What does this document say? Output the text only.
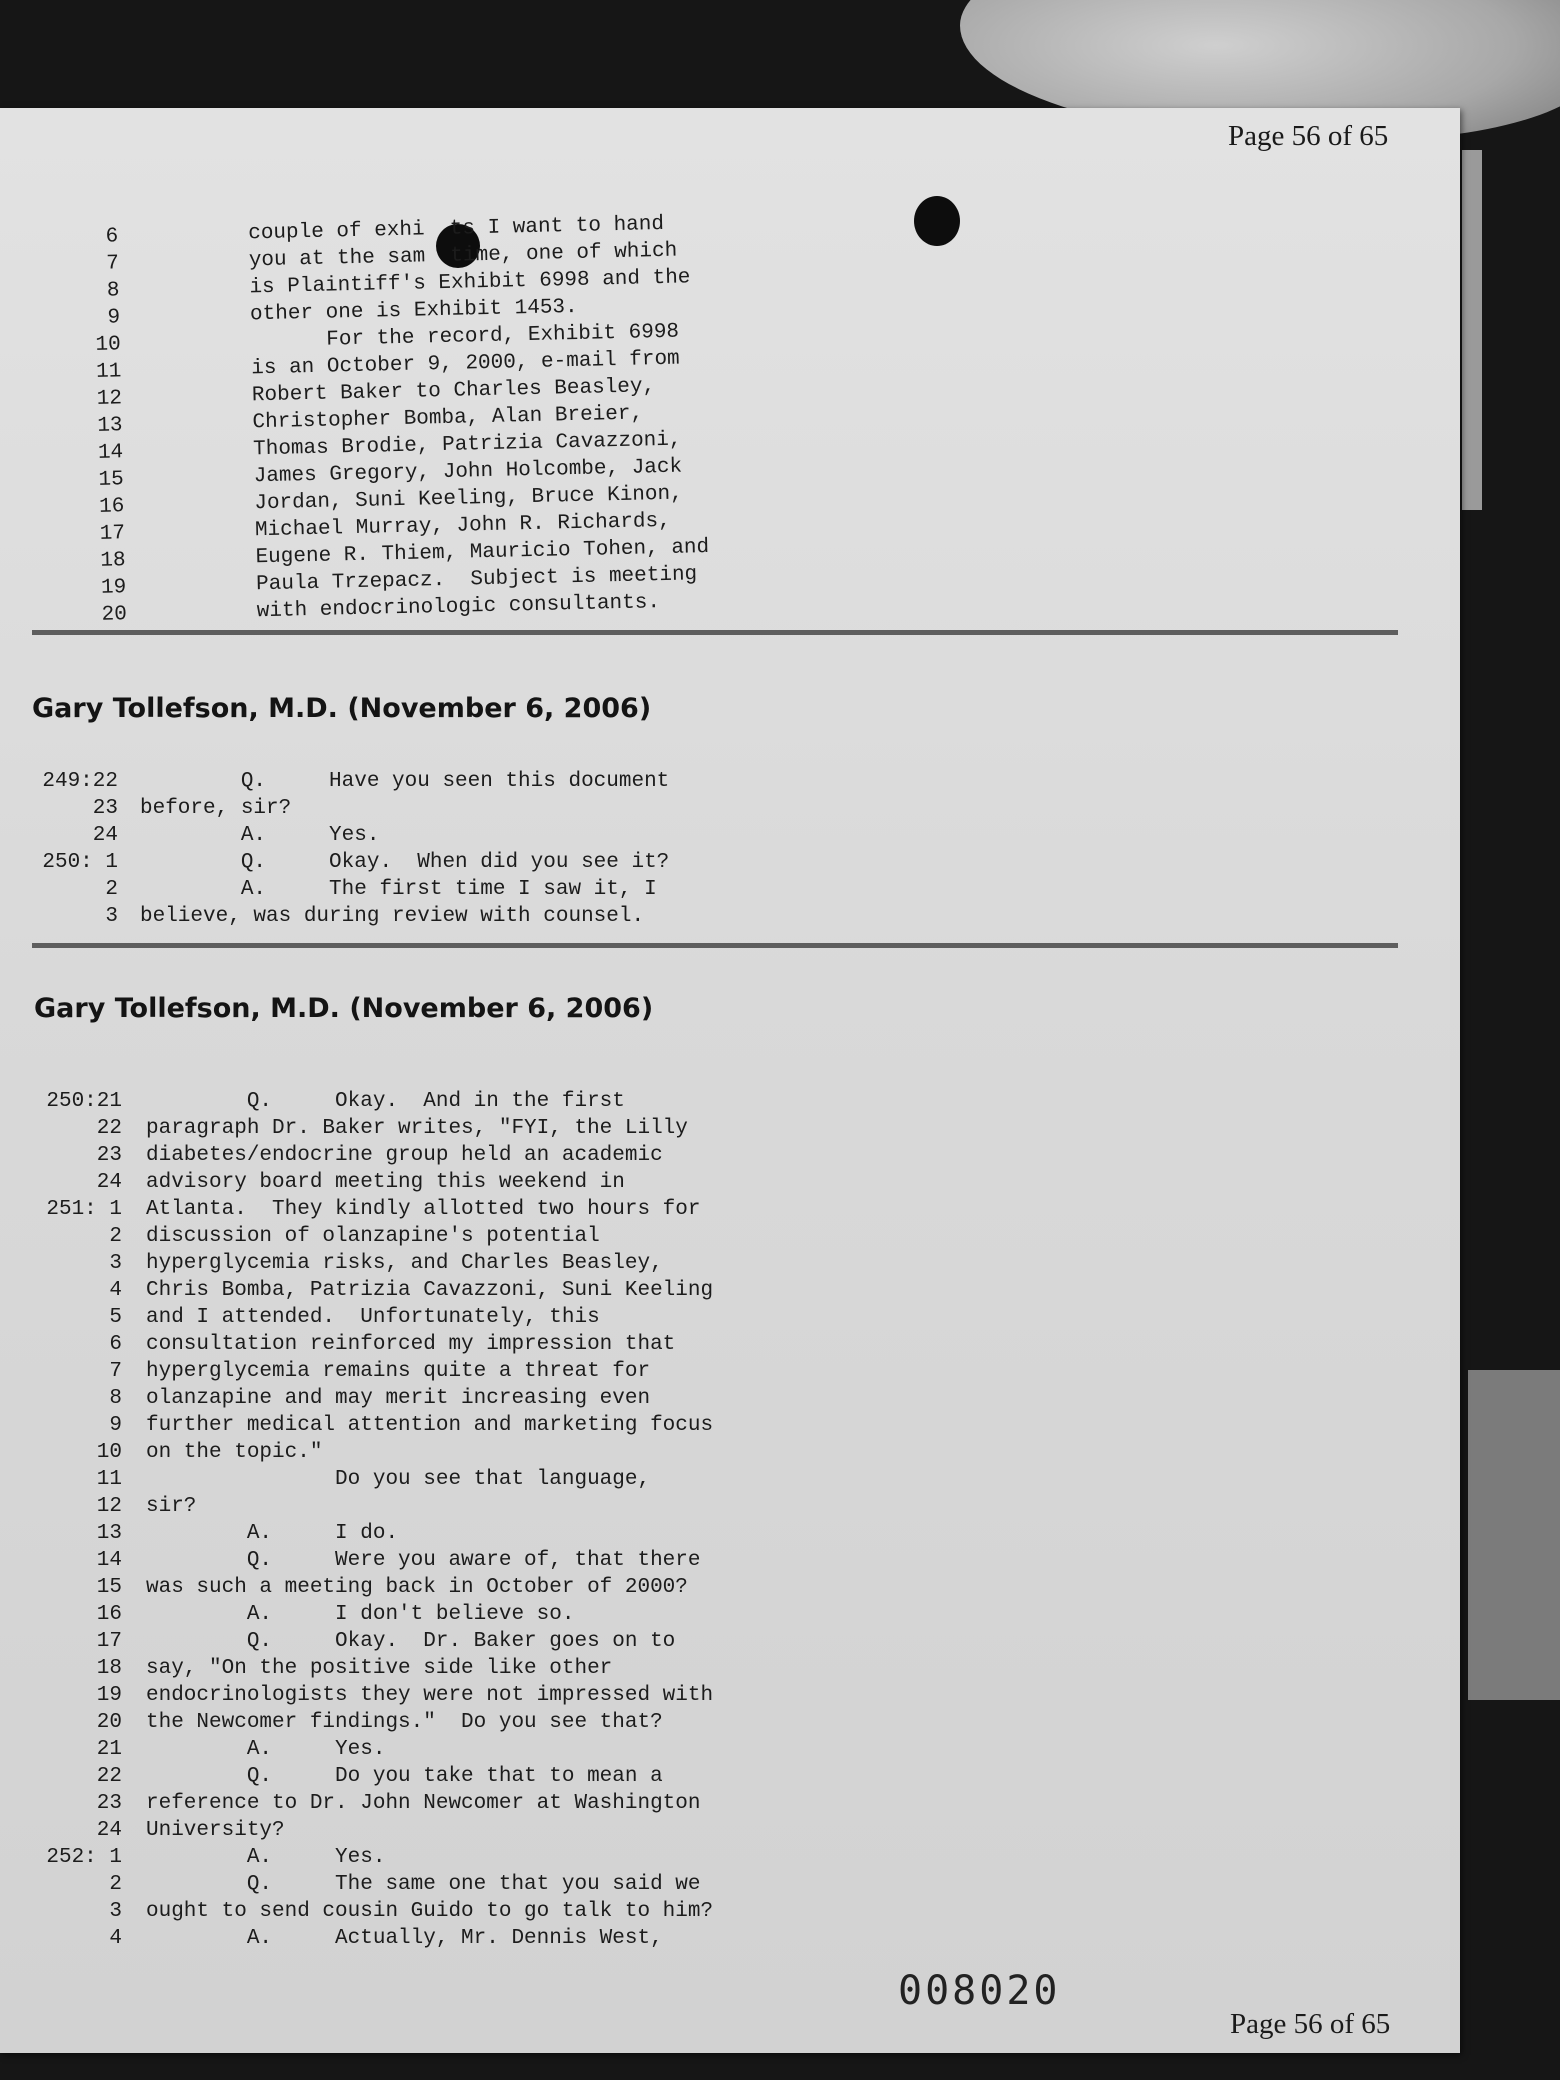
Page 56 of 65
6	couple of exhi  ts I want to hand
7	you at the sam  time, one of which
8	is Plaintiff's Exhibit 6998 and the
9	other one is Exhibit 1453.
10	For the record, Exhibit 6998
11	is an October 9, 2000, e-mail from
12	Robert Baker to Charles Beasley,
13	Christopher Bomba, Alan Breier,
14	Thomas Brodie, Patrizia Cavazzoni,
15	James Gregory, John Holcombe, Jack
16	Jordan, Suni Keeling, Bruce Kinon,
17	Michael Murray, John R. Richards,
18	Eugene R. Thiem, Mauricio Tohen, and
19	Paula Trzepacz.  Subject is meeting
20	with endocrinologic consultants.
Gary Tollefson, M.D. (November 6, 2006)
249:22 Q.     Have you seen this document
23 before, sir?
24 A.     Yes.
250: 1 Q.     Okay.  When did you see it?
2 A.     The first time I saw it, I
3 believe, was during review with counsel.
Gary Tollefson, M.D. (November 6, 2006)
250:21 Q.     Okay.  And in the first
22 paragraph Dr. Baker writes, "FYI, the Lilly
23 diabetes/endocrine group held an academic
24 advisory board meeting this weekend in
251: 1 Atlanta.  They kindly allotted two hours for
2 discussion of olanzapine's potential
3 hyperglycemia risks, and Charles Beasley,
4 Chris Bomba, Patrizia Cavazzoni, Suni Keeling
5 and I attended.  Unfortunately, this
6 consultation reinforced my impression that
7 hyperglycemia remains quite a threat for
8 olanzapine and may merit increasing even
9 further medical attention and marketing focus
10 on the topic."
11 Do you see that language,
12 sir?
13 A.     I do.
14 Q.     Were you aware of, that there
15 was such a meeting back in October of 2000?
16 A.     I don't believe so.
17 Q.     Okay.  Dr. Baker goes on to
18 say, "On the positive side like other
19 endocrinologists they were not impressed with
20 the Newcomer findings."  Do you see that?
21 A.     Yes.
22 Q.     Do you take that to mean a
23 reference to Dr. John Newcomer at Washington
24 University?
252: 1 A.     Yes.
2 Q.     The same one that you said we
3 ought to send cousin Guido to go talk to him?
4 A.     Actually, Mr. Dennis West,
Page 56 of 65
008020
